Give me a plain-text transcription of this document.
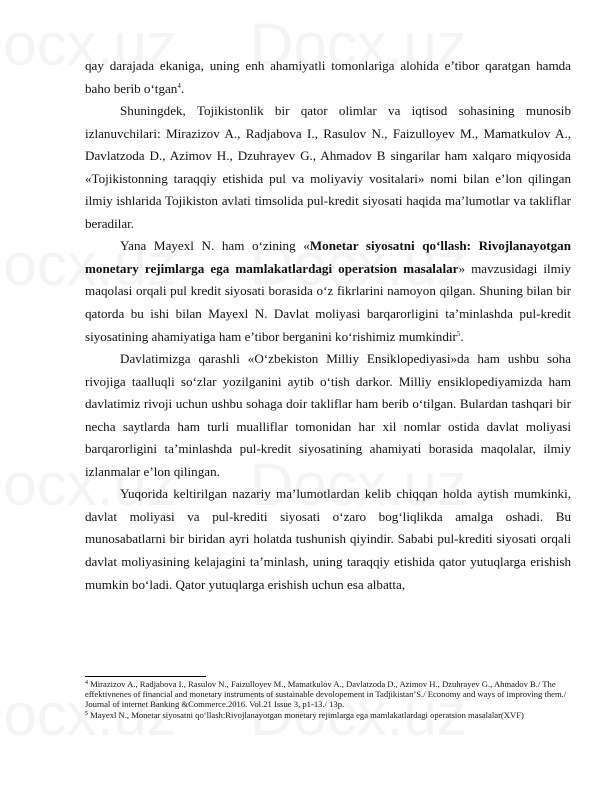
qay darajada ekaniga, uning enh ahamiyatli tomonlariga alohida e’tibor qaratgan hamda baho berib o‘tgan$^4$.

Shuningdek, Tojikistonlik bir qator olimlar va iqtisod sohasining munosib izlanuvchilari: Mirazizov A., Radjabova I., Rasulov N., Faizulloyev M., Mamatkulov A., Davlatzoda D., Azimov H., Dzuhrayev G., Ahmadov B singarilar ham xalqaro miqyosida «Tojikistonning taraqqiy etishida pul va moliyaviy vositalari» nomi bilan e’lon qilingan ilmiy ishlarida Tojikiston avlati timsolida pul-kredit siyosati haqida ma’lumotlar va takliflar beradilar.

Yana Mayexl N. ham o‘zining «Monetar siyosatni qo‘llash: Rivojlanayotgan monetary rejimlarga ega mamlakatlardagi operatsion masalalar» mavzusidagi ilmiy maqolasi orqali pul kredit siyosati borasida o‘z fikrlarini namoyon qilgan. Shuning bilan bir qatorda bu ishi bilan Mayexl N. Davlat moliyasi barqarorligini ta’minlashda pul-kredit siyosatining ahamiyatiga ham e’tibor berganini ko‘rishimiz mumkindir$^5$.

Davlatimizga qarashli «O‘zbekiston Milliy Ensiklopediyasi»da ham ushbu soha rivojiga taalluqli so‘zlar yozilganini aytib o‘tish darkor. Milliy ensiklopediyamizda ham davlatimiz rivoji uchun ushbu sohaga doir takliflar ham berib o‘tilgan. Bulardan tashqari bir necha saytlarda ham turli mualliflar tomonidan har xil nomlar ostida davlat moliyasi barqarorligini ta’minlashda pul-kredit siyosatining ahamiyati borasida maqolalar, ilmiy izlanmalar e’lon qilingan.

Yuqorida keltirilgan nazariy ma’lumotlardan kelib chiqqan holda aytish mumkinki, davlat moliyasi va pul-krediti siyosati o‘zaro bog‘liqlikda amalga oshadi. Bu munosabatlarni bir biridan ayri holatda tushunish qiyindir. Sababi pul-krediti siyosati orqali davlat moliyasining kelajagini ta’minlash, uning taraqqiy etishida qator yutuqlarga erishish mumkin bo‘ladi. Qator yutuqlarga erishish uchun esa albatta,

$^4$ Mirazizov A., Radjabova I., Rasulov N., Faizulloyev M., Mamatkulov A., Davlatzoda D., Azimov H., Dzuhrayev G., Ahmadov B./ The effektivnenes of financial and monetary instruments of sustainable devolopement in Tadjikistan’S./ Economy and ways of improving them./ Journal of internet Banking &Commerce.2016. Vol.21 Issue 3, p1-13./ 13p.

$^5$ Mayexl N., Monetar siyosatni qo‘llash:Rivojlanayotgan monetary rejimlarga ega mamlakatlardagi operatsion masalalar(XVF)
